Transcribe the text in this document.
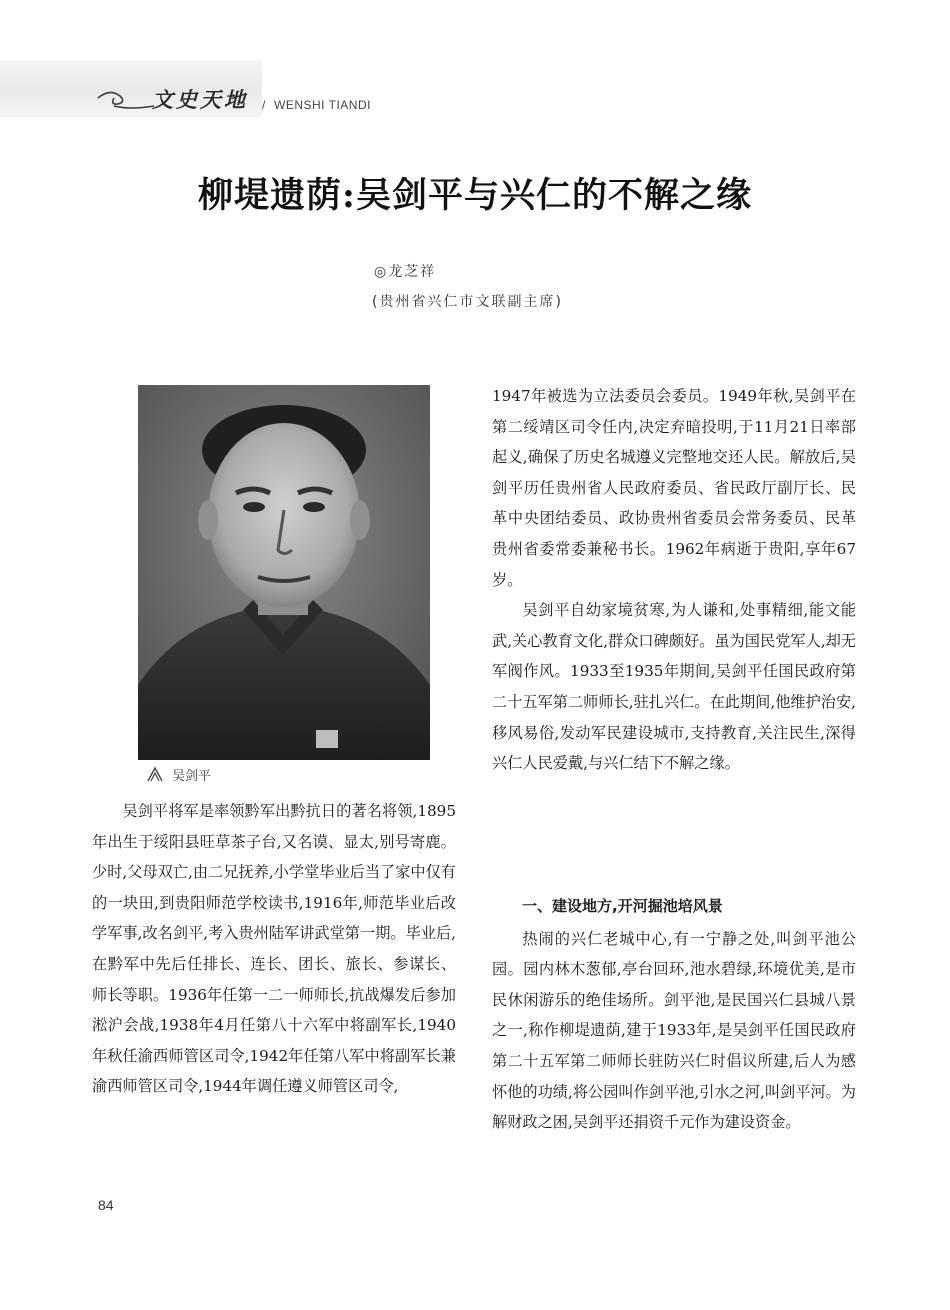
文史天地 / WENSHI TIANDI
柳堤遗荫:吴剑平与兴仁的不解之缘
◎龙芝祥
(贵州省兴仁市文联副主席)
吴剑平

吴剑平将军是率领黔军出黔抗日的著名将领,1895年出生于绥阳县旺草茶子台,又名谟、显太,别号寄鹿。少时,父母双亡,由二兄抚养,小学堂毕业后当了家中仅有的一块田,到贵阳师范学校读书,1916年,师范毕业后改学军事,改名剑平,考入贵州陆军讲武堂第一期。毕业后,在黔军中先后任排长、连长、团长、旅长、参谋长、师长等职。1936年任第一二一师师长,抗战爆发后参加淞沪会战,1938年4月任第八十六军中将副军长,1940年秋任渝西师管区司令,1942年任第八军中将副军长兼渝西师管区司令,1944年调任遵义师管区司令,

1947年被选为立法委员会委员。1949年秋,吴剑平在第二绥靖区司令任内,决定弃暗投明,于11月21日率部起义,确保了历史名城遵义完整地交还人民。解放后,吴剑平历任贵州省人民政府委员、省民政厅副厅长、民革中央团结委员、政协贵州省委员会常务委员、民革贵州省委常委兼秘书长。1962年病逝于贵阳,享年67岁。

吴剑平自幼家境贫寒,为人谦和,处事精细,能文能武,关心教育文化,群众口碑颇好。虽为国民党军人,却无军阀作风。1933至1935年期间,吴剑平任国民政府第二十五军第二师师长,驻扎兴仁。在此期间,他维护治安,移风易俗,发动军民建设城市,支持教育,关注民生,深得兴仁人民爱戴,与兴仁结下不解之缘。

一、建设地方,开河掘池培风景

热闹的兴仁老城中心,有一宁静之处,叫剑平池公园。园内林木葱郁,亭台回环,池水碧绿,环境优美,是市民休闲游乐的绝佳场所。剑平池,是民国兴仁县城八景之一,称作柳堤遗荫,建于1933年,是吴剑平任国民政府第二十五军第二师师长驻防兴仁时倡议所建,后人为感怀他的功绩,将公园叫作剑平池,引水之河,叫剑平河。为解财政之困,吴剑平还捐资千元作为建设资金。

84
